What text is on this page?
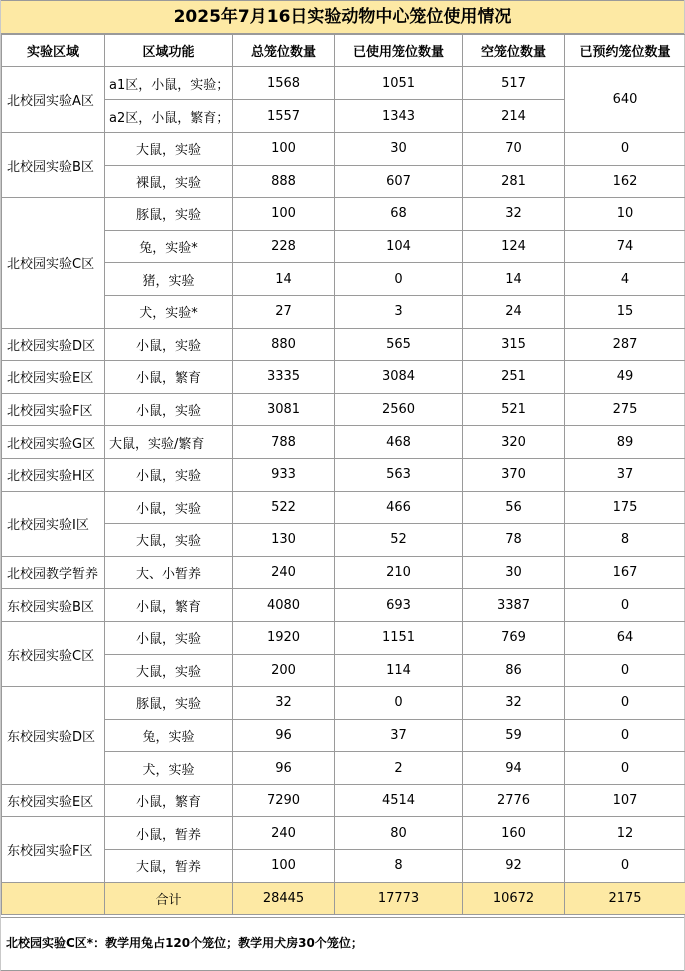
2025年7月16日实验动物中心笼位使用情况
实验区域	区域功能	总笼位数量	已使用笼位数量	空笼位数量	已预约笼位数量
北校园实验A区	a1区，小鼠，实验；	1568	1051	517	640
	a2区，小鼠，繁育；	1557	1343	214	
北校园实验B区	大鼠，实验	100	30	70	0
	裸鼠，实验	888	607	281	162
北校园实验C区	豚鼠，实验	100	68	32	10
	兔，实验*	228	104	124	74
	猪，实验	14	0	14	4
	犬，实验*	27	3	24	15
北校园实验D区	小鼠，实验	880	565	315	287
北校园实验E区	小鼠，繁育	3335	3084	251	49
北校园实验F区	小鼠，实验	3081	2560	521	275
北校园实验G区	大鼠，实验/繁育	788	468	320	89
北校园实验H区	小鼠，实验	933	563	370	37
北校园实验I区	小鼠，实验	522	466	56	175
	大鼠，实验	130	52	78	8
北校园教学暂养	大、小暂养	240	210	30	167
东校园实验B区	小鼠，繁育	4080	693	3387	0
东校园实验C区	小鼠，实验	1920	1151	769	64
	大鼠，实验	200	114	86	0
东校园实验D区	豚鼠，实验	32	0	32	0
	兔，实验	96	37	59	0
	犬，实验	96	2	94	0
东校园实验E区	小鼠，繁育	7290	4514	2776	107
东校园实验F区	小鼠，暂养	240	80	160	12
	大鼠，暂养	100	8	92	0
	合计	28445	17773	10672	2175
北校园实验C区*：教学用兔占120个笼位；教学用犬房30个笼位；
